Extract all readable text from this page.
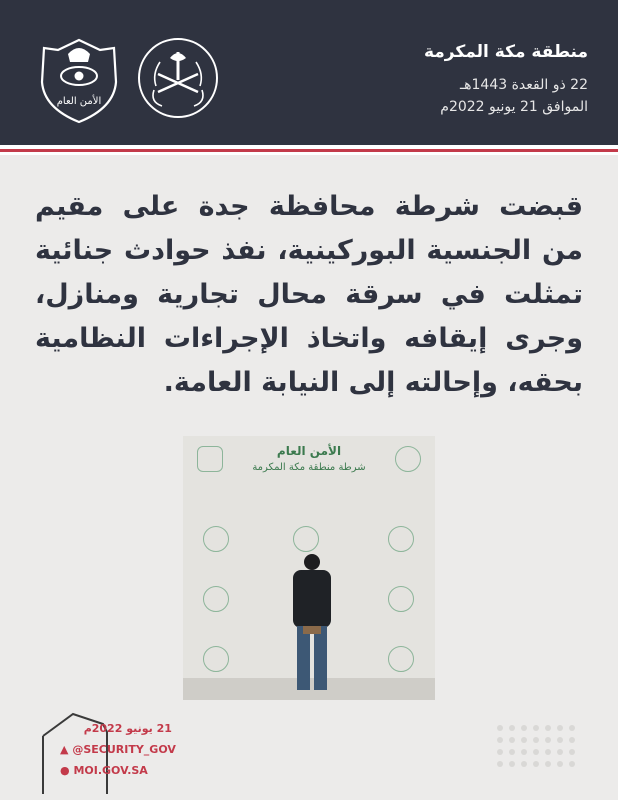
الأمن العام
منطقة مكة المكرمة
22 ذو القعدة 1443هـ
الموافق 21 يونيو 2022م
قبضت شرطة محافظة جدة على مقيم من الجنسية البوركينية، نفذ حوادث جنائية تمثلت في سرقة محال تجارية ومنازل، وجرى إيقافه واتخاذ الإجراءات النظامية بحقه، وإحالته إلى النيابة العامة.
الأمن العام
شرطة منطقة مكة المكرمة
21 يونيو 2022م
▲ @SECURITY_GOV
● MOI.GOV.SA
